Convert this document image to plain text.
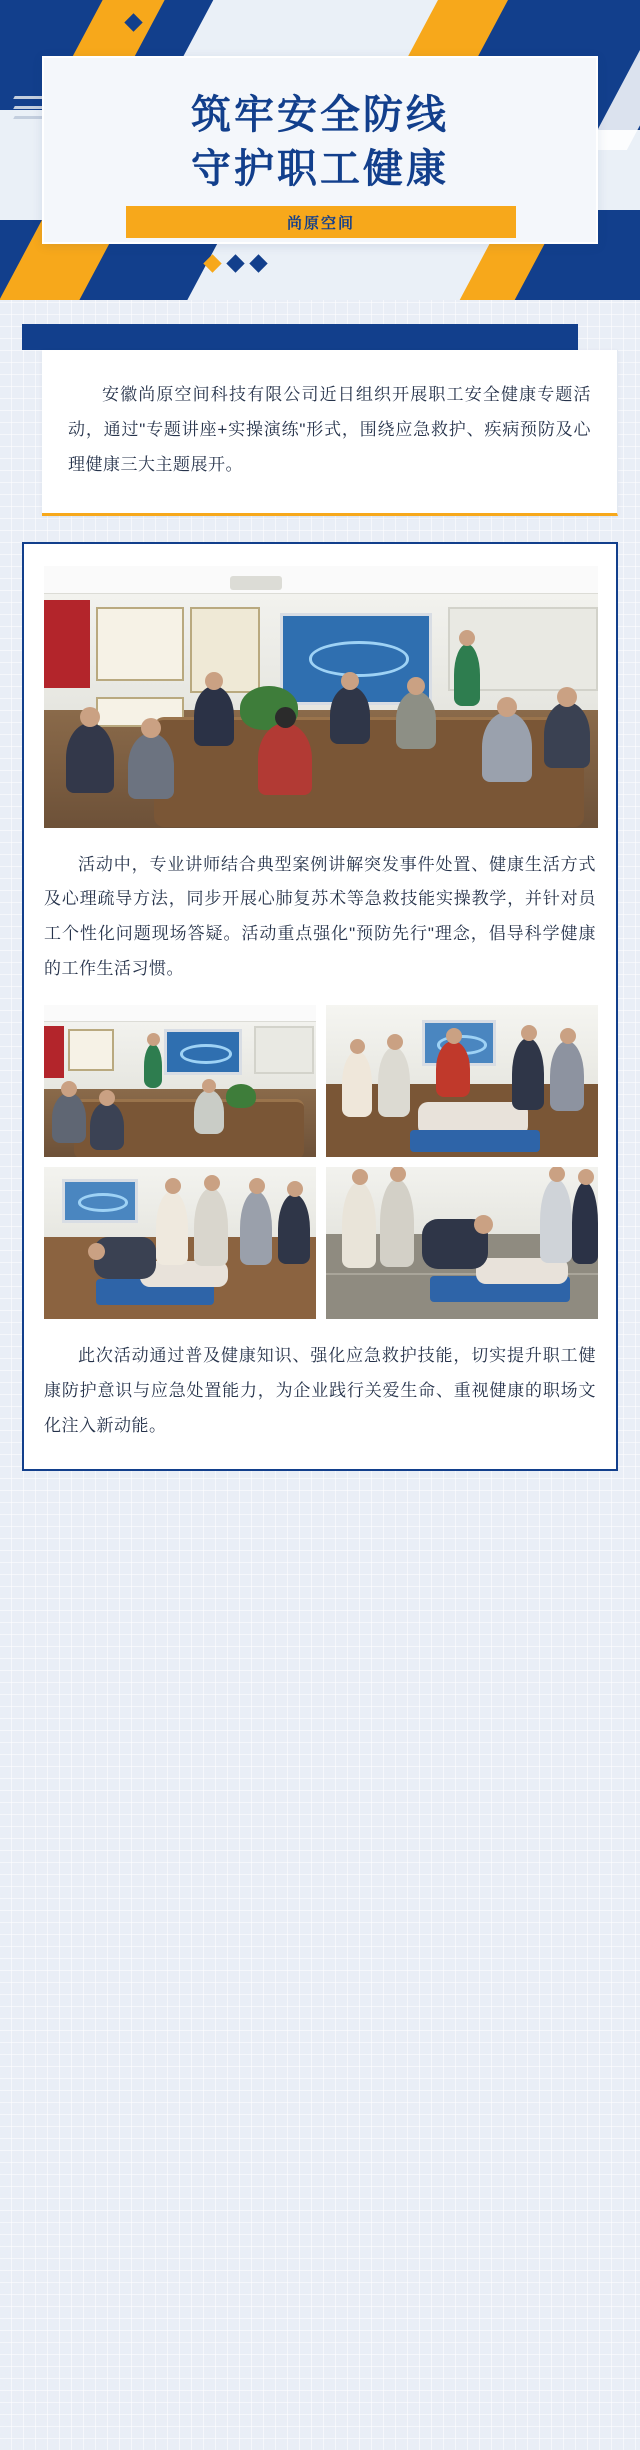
筑牢安全防线
守护职工健康
尚原空间

安徽尚原空间科技有限公司近日组织开展职工安全健康专题活动，通过"专题讲座+实操演练"形式，围绕应急救护、疾病预防及心理健康三大主题展开。

活动中，专业讲师结合典型案例讲解突发事件处置、健康生活方式及心理疏导方法，同步开展心肺复苏术等急救技能实操教学，并针对员工个性化问题现场答疑。活动重点强化"预防先行"理念，倡导科学健康的工作生活习惯。

此次活动通过普及健康知识、强化应急救护技能，切实提升职工健康防护意识与应急处置能力，为企业践行关爱生命、重视健康的职场文化注入新动能。
